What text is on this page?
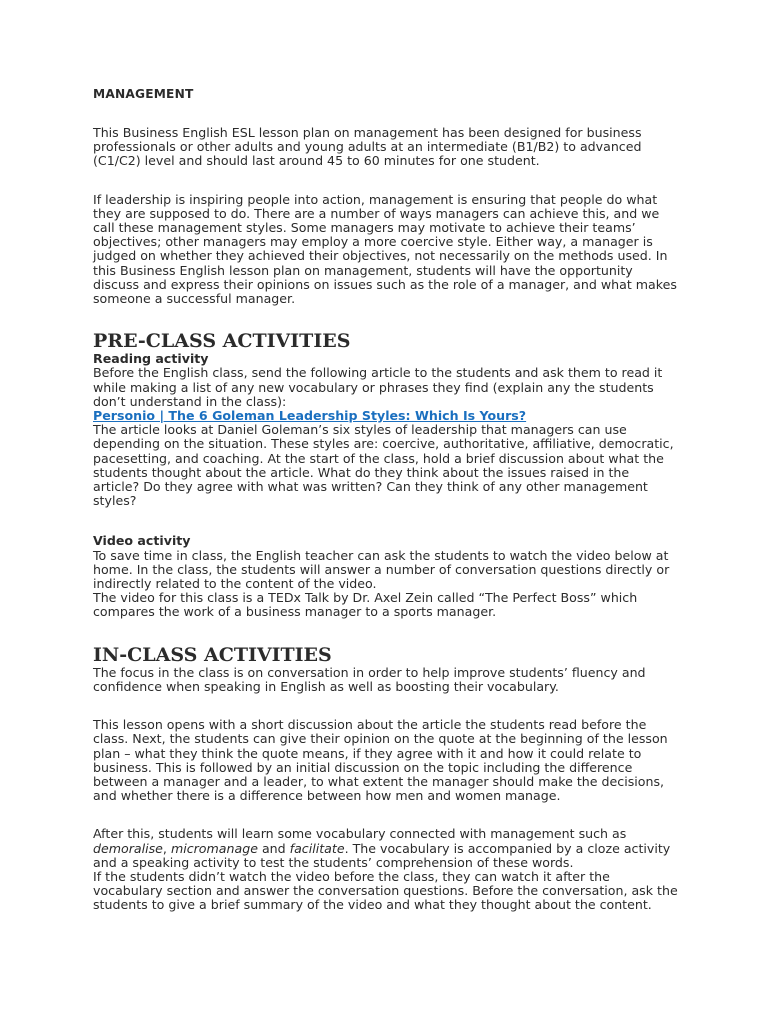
MANAGEMENT

This Business English ESL lesson plan on management has been designed for business professionals or other adults and young adults at an intermediate (B1/B2) to advanced (C1/C2) level and should last around 45 to 60 minutes for one student.

If leadership is inspiring people into action, management is ensuring that people do what they are supposed to do. There are a number of ways managers can achieve this, and we call these management styles. Some managers may motivate to achieve their teams’ objectives; other managers may employ a more coercive style. Either way, a manager is judged on whether they achieved their objectives, not necessarily on the methods used. In this Business English lesson plan on management, students will have the opportunity discuss and express their opinions on issues such as the role of a manager, and what makes someone a successful manager.

PRE-CLASS ACTIVITIES
Reading activity

Before the English class, send the following article to the students and ask them to read it while making a list of any new vocabulary or phrases they find (explain any the students don’t understand in the class):

Personio | The 6 Goleman Leadership Styles: Which Is Yours?

The article looks at Daniel Goleman’s six styles of leadership that managers can use depending on the situation. These styles are: coercive, authoritative, affiliative, democratic, pacesetting, and coaching. At the start of the class, hold a brief discussion about what the students thought about the article. What do they think about the issues raised in the article? Do they agree with what was written? Can they think of any other management styles?

Video activity

To save time in class, the English teacher can ask the students to watch the video below at home. In the class, the students will answer a number of conversation questions directly or indirectly related to the content of the video.

The video for this class is a TEDx Talk by Dr. Axel Zein called “The Perfect Boss” which compares the work of a business manager to a sports manager.

IN-CLASS ACTIVITIES

The focus in the class is on conversation in order to help improve students’ fluency and confidence when speaking in English as well as boosting their vocabulary.

This lesson opens with a short discussion about the article the students read before the class. Next, the students can give their opinion on the quote at the beginning of the lesson plan – what they think the quote means, if they agree with it and how it could relate to business. This is followed by an initial discussion on the topic including the difference between a manager and a leader, to what extent the manager should make the decisions, and whether there is a difference between how men and women manage.

After this, students will learn some vocabulary connected with management such as demoralise, micromanage and facilitate. The vocabulary is accompanied by a cloze activity and a speaking activity to test the students’ comprehension of these words.

If the students didn’t watch the video before the class, they can watch it after the vocabulary section and answer the conversation questions. Before the conversation, ask the students to give a brief summary of the video and what they thought about the content.
